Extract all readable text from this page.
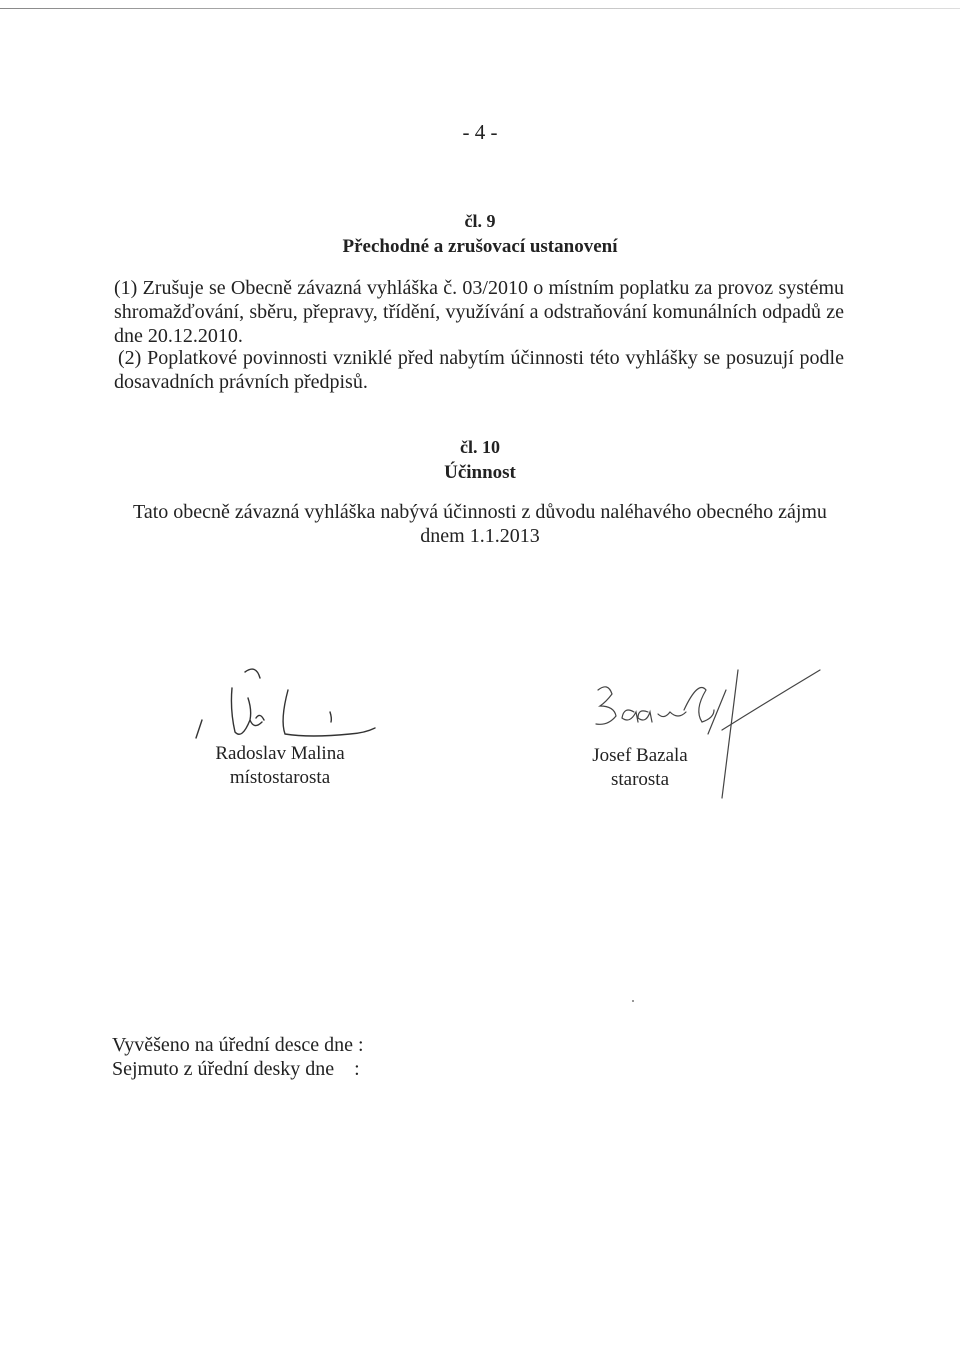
- 4 -
čl. 9
Přechodné a zrušovací ustanovení
(1) Zrušuje se Obecně závazná vyhláška č. 03/2010 o místním poplatku za provoz systému shromažďování, sběru, přepravy, třídění, využívání a odstraňování komunálních odpadů ze dne 20.12.2010.
(2) Poplatkové povinnosti vzniklé před nabytím účinnosti této vyhlášky se posuzují podle dosavadních právních předpisů.
čl. 10
Účinnost
Tato obecně závazná vyhláška nabývá účinnosti z důvodu naléhavého obecného zájmu
dnem 1.1.2013
Radoslav Malina
místostarosta
Josef Bazala
starosta
Vyvěšeno na úřední desce dne :
Sejmuto z úřední desky dne    :
